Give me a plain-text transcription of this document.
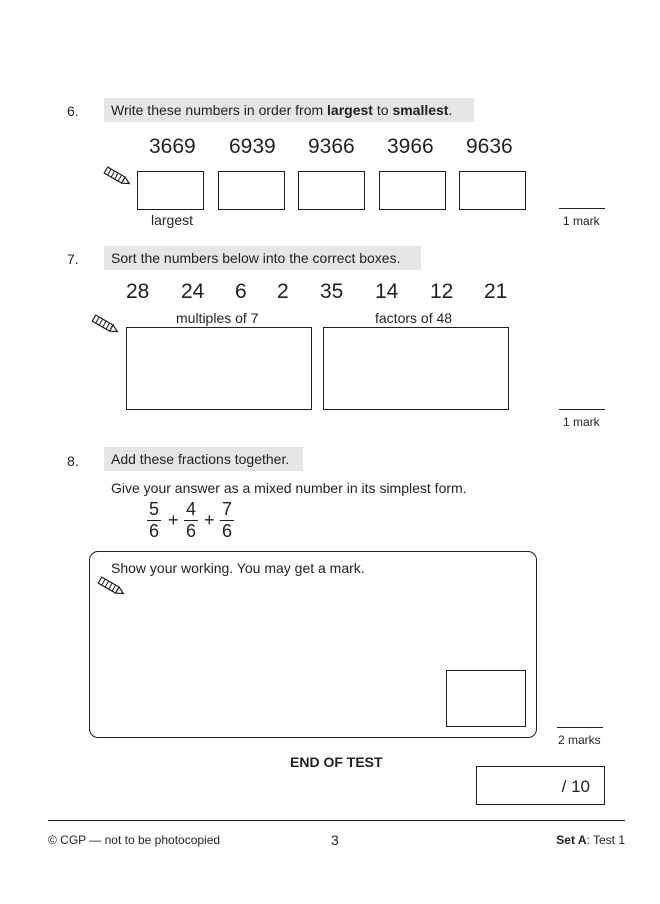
6.	Write these numbers in order from largest to smallest.
3669 6939 9366 3966 9636
largest	1 mark
7.	Sort the numbers below into the correct boxes.
28 24 6 2 35 14 12 21
multiples of 7	factors of 48
1 mark
8.	Add these fractions together.
Give your answer as a mixed number in its simplest form.
5
6
+
4
6
+
7
6
Show your working. You may get a mark.
2 marks
END OF TEST
/ 10
© CGP — not to be photocopied	3	Set A: Test 1
